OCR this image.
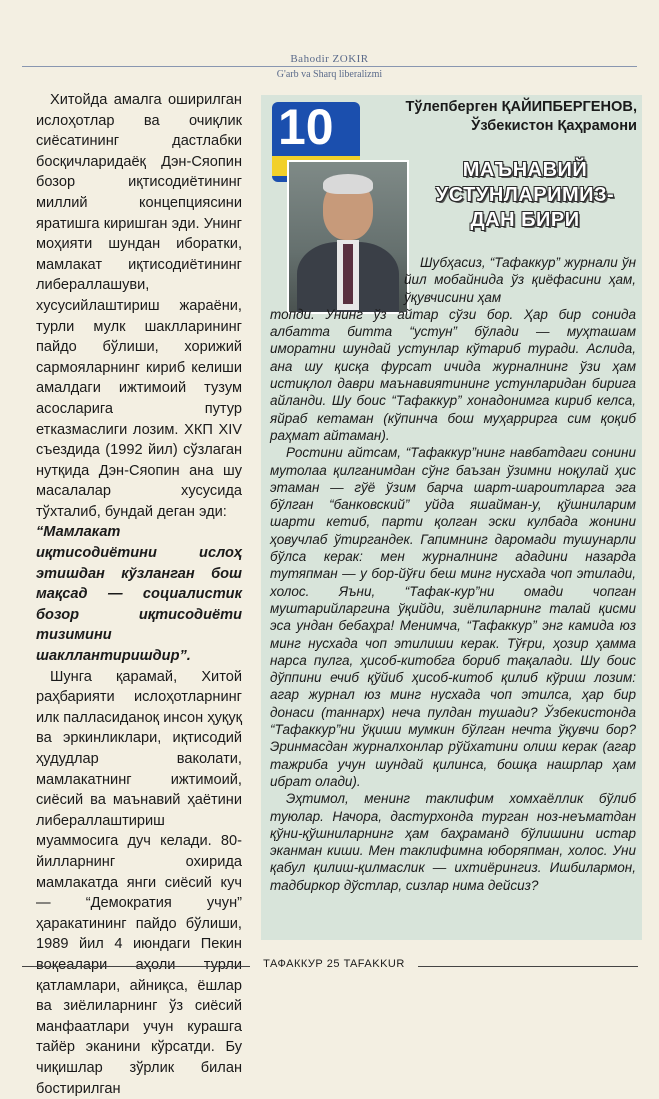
Bahodir ZOKIR
G'arb va Sharq liberalizmi

Хитойда амалга оширилган ислоҳотлар ва очиқлик сиёсатининг дастлабки босқичларидаёқ Дэн-Сяопин бозор иқтисодиётининг миллий концепциясини яратишга киришган эди. Унинг моҳияти шундан иборатки, мамлакат иқтисодиётининг либераллашуви, хусусийлаштириш жараёни, турли мулк шаклларининг пайдо бўлиши, хорижий сармояларнинг кириб келиши амалдаги ижтимоий тузум асосларига путур етказмаслиги лозим. ХКП XIV съездида (1992 йил) сўзлаган нутқида Дэн-Сяопин ана шу масалалар хусусида тўхталиб, бундай деган эди:

“Мамлакат иқтисодиётини ислоҳ этишдан кўзланган бош мақсад — социалистик бозор иқтисодиёти тизимини шакллантиришдир”.

Шунга қарамай, Хитой раҳбарияти ислоҳотларнинг илк палласиданоқ инсон ҳуқуқ ва эркинликлари, иқтисодий ҳудудлар ваколати, мамлакатнинг ижтимоий, сиёсий ва маънавий ҳаётини либераллаштириш муаммосига дуч келади. 80-йилларнинг охирида мамлакатда янги сиёсий куч — “Демократия учун” ҳаракатининг пайдо бўлиши, 1989 йил 4 июндаги Пекин воқеалари аҳоли турли қатламлари, айниқса, ёшлар ва зиёлиларнинг ўз сиёсий манфаатлари учун курашга тайёр эканини кўрсатди. Бу чиқишлар зўрлик билан бостирилган

10	Тўлепберген ҚАЙИПБЕРГЕНОВ,
Ўзбекистон Қаҳрамони
МАЪНАВИЙ
УСТУНЛАРИМИЗ-
ДАН БИРИ

Шубҳасиз, “Тафаккур” журнали ўн йил мобайнида ўз қиёфасини ҳам, ўқувчисини ҳам

топди. Унинг ўз айтар сўзи бор. Ҳар бир сонида албатта битта “устун” бўлади — муҳташам иморатни шундай устунлар кўтариб туради. Аслида, ана шу қисқа фурсат ичида журналнинг ўзи ҳам истиқлол даври маънавиятининг устунларидан бирига айланди. Шу боис “Тафаккур” хонадонимга кириб келса, яйраб кетаман (кўпинча бош муҳаррирга сим қоқиб раҳмат айтаман).

Ростини айтсам, “Тафаккур”нинг навбатдаги сонини мутолаа қилганимдан сўнг баъзан ўзимни ноқулай ҳис этаман — гўё ўзим барча шарт-шароитларга эга бўлган “банковский” уйда яшайман-у, қўшниларим шарти кетиб, парти қолган эски кулбада жонини ҳовучлаб ўтиргандек. Гапимнинг даромади тушунарли бўлса керак: мен журналнинг ададини назарда тутяпман — у бор-йўғи беш минг нусхада чоп этилади, холос. Яъни, “Тафак-кур”ни омади чопган муштарийларгина ўқийди, зиёлиларнинг талай қисми эса ундан бебаҳра! Менимча, “Тафаккур” энг камида юз минг нусхада чоп этилиши керак. Тўғри, ҳозир ҳамма нарса пулга, ҳисоб-китобга бориб тақалади. Шу боис дўппини ечиб қўйиб ҳисоб-китоб қилиб кўриш лозим: агар журнал юз минг нусхада чоп этилса, ҳар бир донаси (таннарх) неча пулдан тушади? Ўзбекистонда “Тафаккур”ни ўқиши мумкин бўлган нечта ўқувчи бор? Эринмасдан журналхонлар рўйхатини олиш керак (агар тажриба учун шундай қилинса, бошқа нашрлар ҳам ибрат олади).

Эҳтимол, менинг таклифим хомхаёллик бўлиб туюлар. Начора, дастурхонда турган ноз-неъматдан қўни-қўшниларнинг ҳам баҳраманд бўлишини истар эканман киши. Мен таклифимна юборяпман, холос. Уни қабул қилиш-қилмаслик — ихтиёрингиз. Ишбилармон, тадбиркор дўстлар, сизлар нима дейсиз?

ТАФАККУР 25 TAFAKKUR
